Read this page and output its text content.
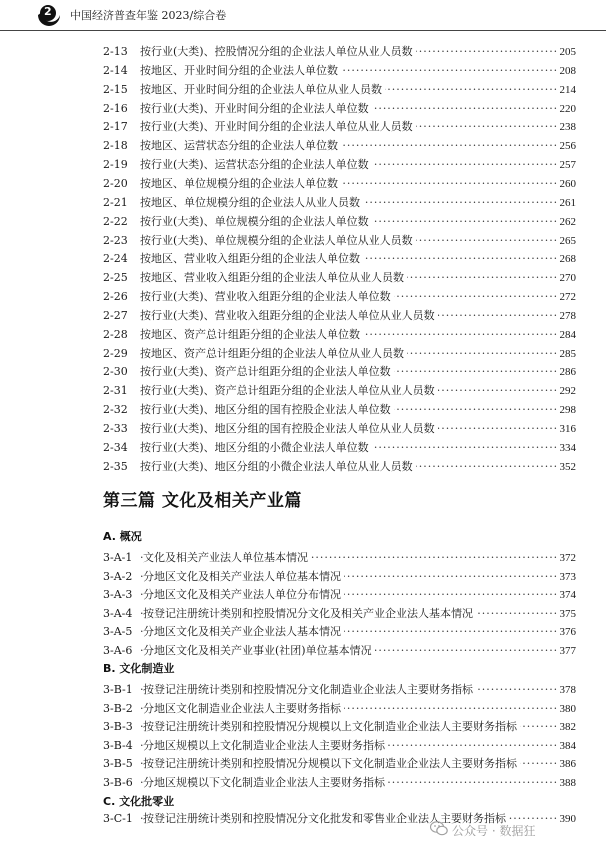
2 中国经济普查年鉴 2023/综合卷
·····
2-13 按行业(大类)、控股情况分组的企业法人单位从业人员数	205
·····
2-14 按地区、开业时间分组的企业法人单位数	208
·····
2-15 按地区、开业时间分组的企业法人单位从业人员数	214
·····
2-16 按行业(大类)、开业时间分组的企业法人单位数	220
·····
2-17 按行业(大类)、开业时间分组的企业法人单位从业人员数	238
·····
2-18 按地区、运营状态分组的企业法人单位数	256
·····
2-19 按行业(大类)、运营状态分组的企业法人单位数	257
·····
2-20 按地区、单位规模分组的企业法人单位数	260
·····
2-21 按地区、单位规模分组的企业法人从业人员数	261
·····
2-22 按行业(大类)、单位规模分组的企业法人单位数	262
·····
2-23 按行业(大类)、单位规模分组的企业法人单位从业人员数	265
·····
2-24 按地区、营业收入组距分组的企业法人单位数	268
·····
2-25 按地区、营业收入组距分组的企业法人单位从业人员数	270
·····
2-26 按行业(大类)、营业收入组距分组的企业法人单位数	272
·····
2-27 按行业(大类)、营业收入组距分组的企业法人单位从业人员数	278
·····
2-28 按地区、资产总计组距分组的企业法人单位数	284
·····
2-29 按地区、资产总计组距分组的企业法人单位从业人员数	285
·····
2-30 按行业(大类)、资产总计组距分组的企业法人单位数	286
·····
2-31 按行业(大类)、资产总计组距分组的企业法人单位从业人员数	292
·····
2-32 按行业(大类)、地区分组的国有控股企业法人单位数	298
·····
2-33 按行业(大类)、地区分组的国有控股企业法人单位从业人员数	316
·····
2-34 按行业(大类)、地区分组的小微企业法人单位数	334
·····
2-35 按行业(大类)、地区分组的小微企业法人单位从业人员数	352
A. 概况
·····
3-A-1 文化及相关产业法人单位基本情况	372
·····
3-A-2 分地区文化及相关产业法人单位基本情况	373
·····
3-A-3 分地区文化及相关产业法人单位分布情况	374
·····
3-A-4 按登记注册统计类别和控股情况分文化及相关产业企业法人基本情况	375
·····
3-A-5 分地区文化及相关产业企业法人基本情况	376
·····
3-A-6 分地区文化及相关产业事业(社团)单位基本情况	377
B. 文化制造业
·····
3-B-1 按登记注册统计类别和控股情况分文化制造业企业法人主要财务指标	378
·····
3-B-2 分地区文化制造业企业法人主要财务指标	380
·····
3-B-3 按登记注册统计类别和控股情况分规模以上文化制造业企业法人主要财务指标	382
·····
3-B-4 分地区规模以上文化制造业企业法人主要财务指标	384
·····
3-B-5 按登记注册统计类别和控股情况分规模以下文化制造业企业法人主要财务指标	386
·····
3-B-6 分地区规模以下文化制造业企业法人主要财务指标	388
C. 文化批零业
·····
3-C-1 按登记注册统计类别和控股情况分文化批发和零售业企业法人主要财务指标	390
第三篇 文化及相关产业篇
公众号 · 数据狂
